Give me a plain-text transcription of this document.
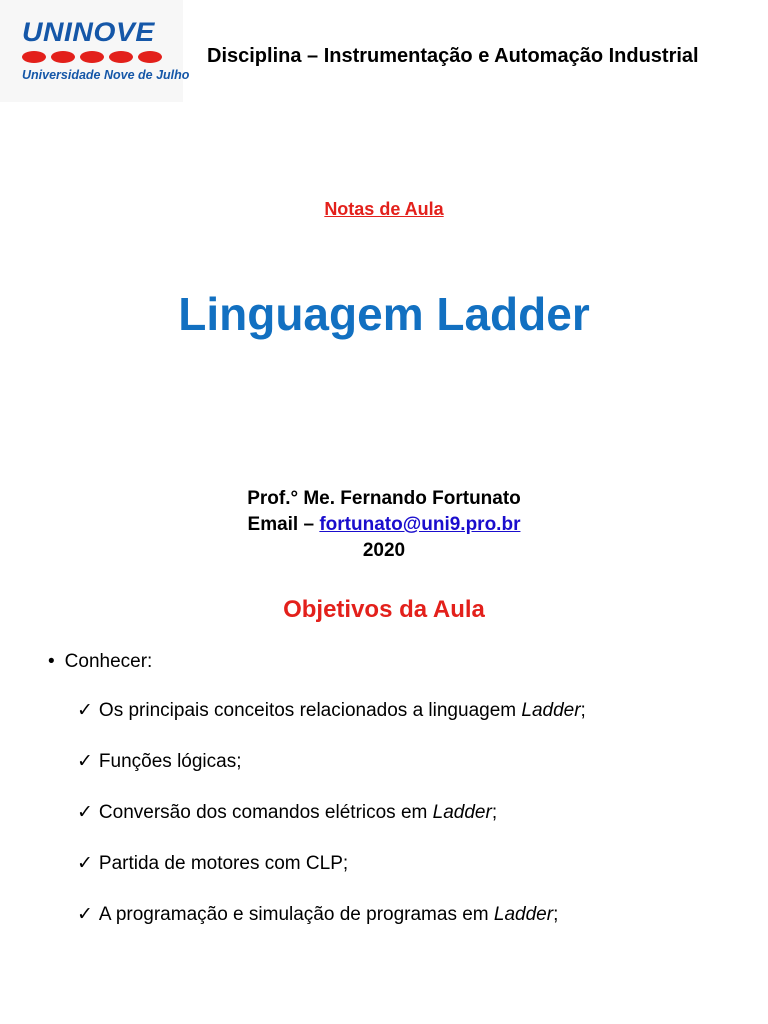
UNINOVE
Universidade Nove de Julho
Disciplina – Instrumentação e Automação Industrial
Notas de Aula
Linguagem Ladder
Prof.° Me. Fernando Fortunato
Email – fortunato@uni9.pro.br
2020
Objetivos da Aula
• Conhecer:
✓ Os principais conceitos relacionados a linguagem Ladder;
✓ Funções lógicas;
✓ Conversão dos comandos elétricos em Ladder;
✓ Partida de motores com CLP;
✓ A programação e simulação de programas em Ladder;
